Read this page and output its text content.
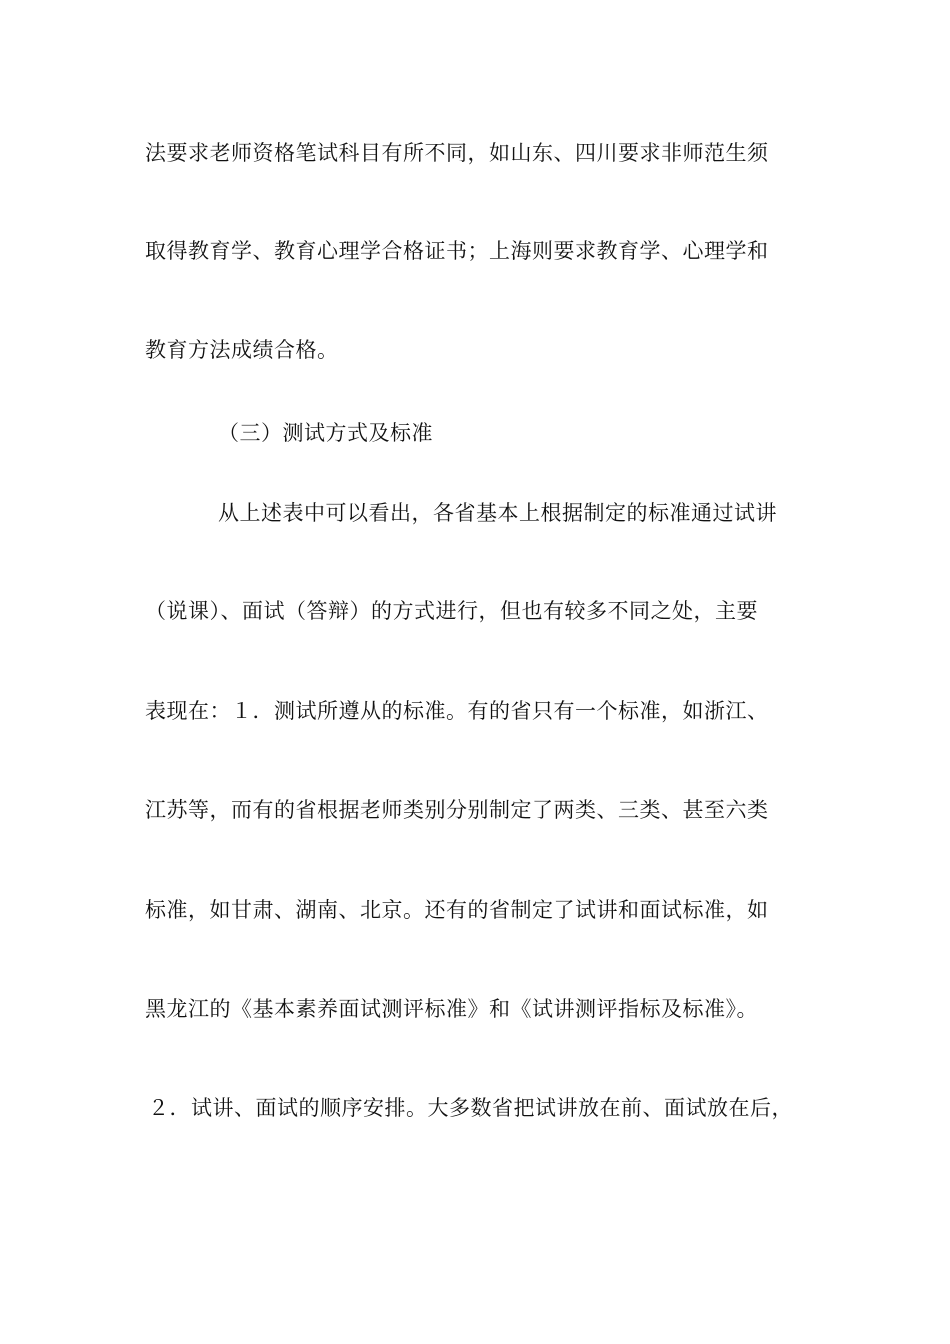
法要求老师资格笔试科目有所不同，如山东、四川要求非师范生须
取得教育学、教育心理学合格证书；上海则要求教育学、心理学和
教育方法成绩合格。
（三）测试方式及标准
从上述表中可以看出，各省基本上根据制定的标准通过试讲
（说课）、面试（答辩）的方式进行，但也有较多不同之处，主要
表现在：１．测试所遵从的标准。有的省只有一个标准，如浙江、
江苏等，而有的省根据老师类别分别制定了两类、三类、甚至六类
标准，如甘肃、湖南、北京。还有的省制定了试讲和面试标准，如
黑龙江的《基本素养面试测评标准》和《试讲测评指标及标准》。
２．试讲、面试的顺序安排。大多数省把试讲放在前、面试放在后，
